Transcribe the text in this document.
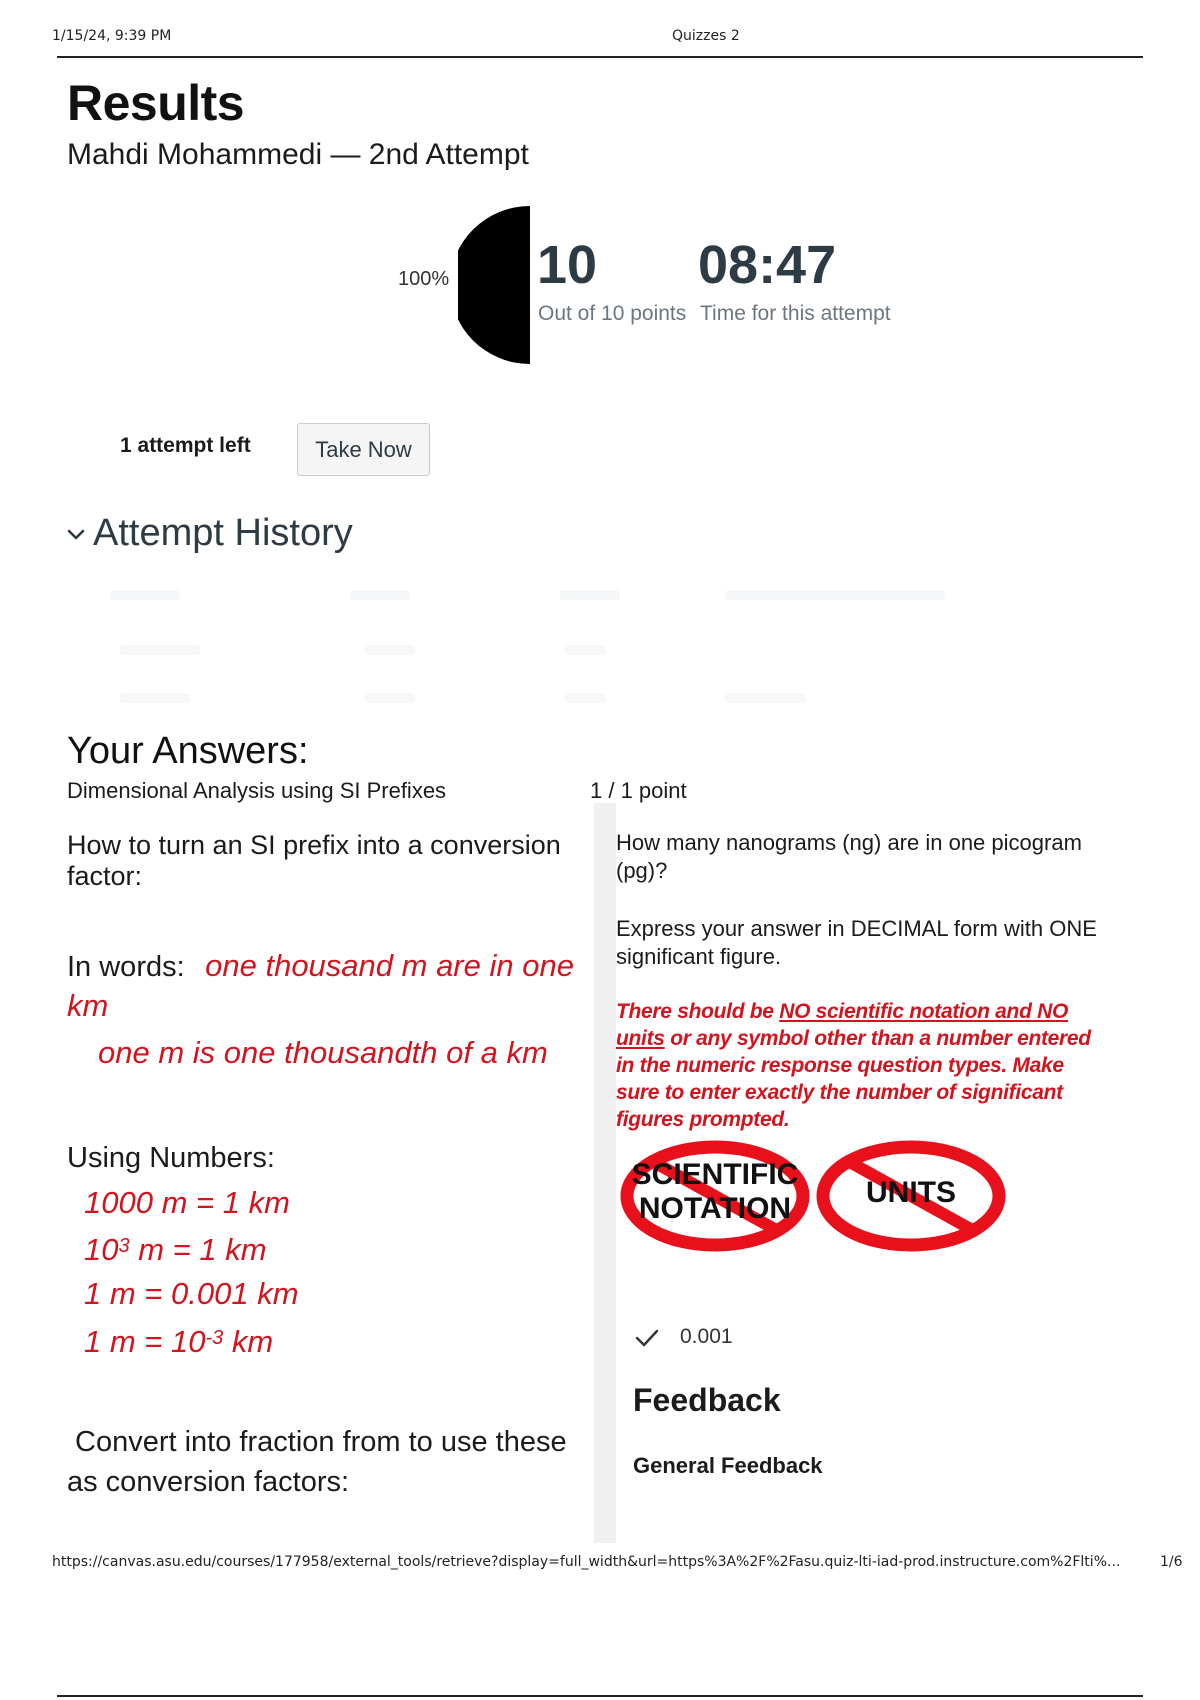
1/15/24, 9:39 PM	Quizzes 2
Results
Mahdi Mohammedi — 2nd Attempt
100% 10 08:47
Out of 10 points Time for this attempt
1 attempt left	Take Now
Attempt History
Your Answers:
Dimensional Analysis using SI Prefixes	1 / 1 point
How to turn an SI prefix into a conversion factor:
In words: one thousand m are in one km
one m is one thousandth of a km
Using Numbers:
1000 m = 1 km
$10^3$ m = 1 km
1 m = 0.001 km
1 $m = 10^{-3}$ km
Convert into fraction from to use these as conversion factors:
How many nanograms (ng) are in one picogram (pg)?
Express your answer in DECIMAL form with ONE significant figure.
There should be NO scientific notation and NO units or any symbol other than a number entered in the numeric response question types. Make sure to enter exactly the number of significant figures prompted.
SCIENTIFIC
NOTATION	UNITS
0.001
Feedback
General Feedback
https://canvas.asu.edu/courses/177958/external_tools/retrieve?display=full_width&url=https%3A%2F%2Fasu.quiz-lti-iad-prod.instructure.com%2Flti%...	1/6
